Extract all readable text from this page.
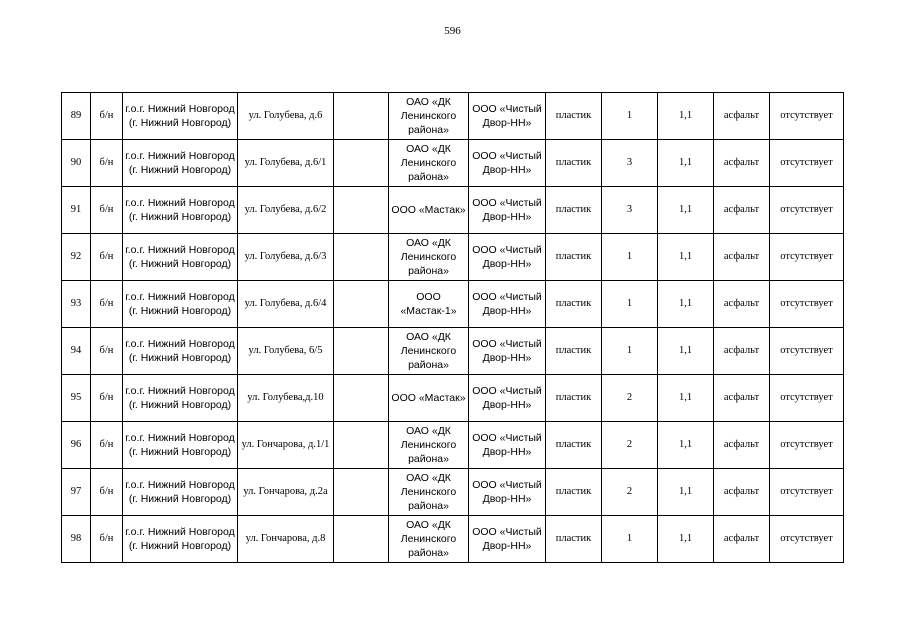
596
89	б/н	г.о.г. Нижний Новгород (г. Нижний Новгород)	ул. Голубева, д.6		ОАО «ДК Ленинского района»	ООО «Чистый Двор-НН»	пластик	1	1,1	асфальт	отсутствует
90	б/н	г.о.г. Нижний Новгород (г. Нижний Новгород)	ул. Голубева, д.6/1		ОАО «ДК Ленинского района»	ООО «Чистый Двор-НН»	пластик	3	1,1	асфальт	отсутствует
91	б/н	г.о.г. Нижний Новгород (г. Нижний Новгород)	ул. Голубева, д.6/2		ООО «Мастак»	ООО «Чистый Двор-НН»	пластик	3	1,1	асфальт	отсутствует
92	б/н	г.о.г. Нижний Новгород (г. Нижний Новгород)	ул. Голубева, д.6/3		ОАО «ДК Ленинского района»	ООО «Чистый Двор-НН»	пластик	1	1,1	асфальт	отсутствует
93	б/н	г.о.г. Нижний Новгород (г. Нижний Новгород)	ул. Голубева, д.6/4		ООО «Мастак-1»	ООО «Чистый Двор-НН»	пластик	1	1,1	асфальт	отсутствует
94	б/н	г.о.г. Нижний Новгород (г. Нижний Новгород)	ул. Голубева, 6/5		ОАО «ДК Ленинского района»	ООО «Чистый Двор-НН»	пластик	1	1,1	асфальт	отсутствует
95	б/н	г.о.г. Нижний Новгород (г. Нижний Новгород)	ул. Голубева,д.10		ООО «Мастак»	ООО «Чистый Двор-НН»	пластик	2	1,1	асфальт	отсутствует
96	б/н	г.о.г. Нижний Новгород (г. Нижний Новгород)	ул. Гончарова, д.1/1		ОАО «ДК Ленинского района»	ООО «Чистый Двор-НН»	пластик	2	1,1	асфальт	отсутствует
97	б/н	г.о.г. Нижний Новгород (г. Нижний Новгород)	ул. Гончарова, д.2а		ОАО «ДК Ленинского района»	ООО «Чистый Двор-НН»	пластик	2	1,1	асфальт	отсутствует
98	б/н	г.о.г. Нижний Новгород (г. Нижний Новгород)	ул. Гончарова, д.8		ОАО «ДК Ленинского района»	ООО «Чистый Двор-НН»	пластик	1	1,1	асфальт	отсутствует
